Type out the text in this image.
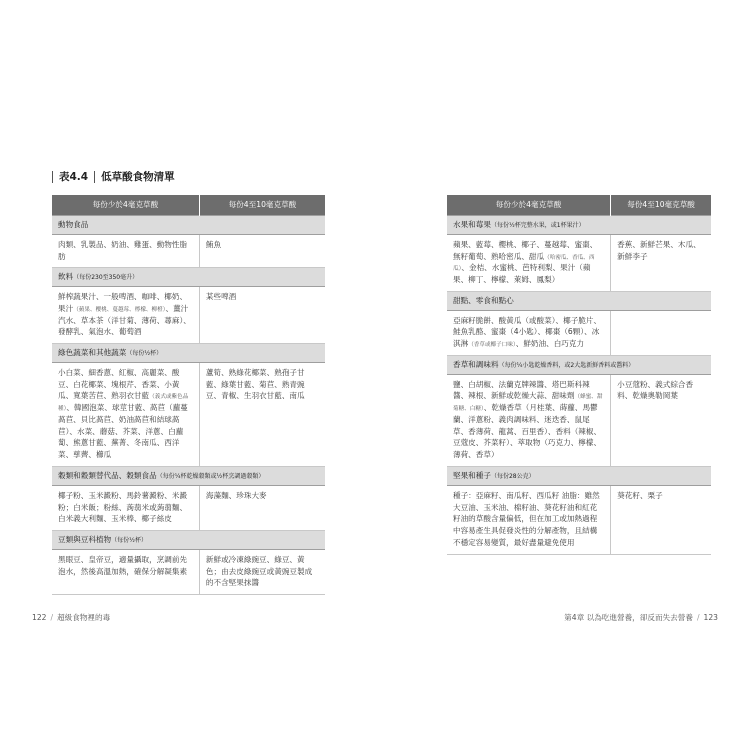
表4.4 低草酸食物清單
每份少於4毫克草酸	每份4至10毫克草酸
動物食品	
肉類、乳製品、奶油、雞蛋、動物性脂肪	鮪魚
飲料（每份230至350毫升）	
鮮榨蔬果汁、一般啤酒、咖啡、椰奶、果汁（蘋果、櫻桃、蔓越莓、檸檬、柳橙）、薑汁汽水、草本茶（洋甘菊、薄荷、蕁麻）、發酵乳、氣泡水、葡萄酒	某些啤酒
綠色蔬菜和其他蔬菜（每份½杯）	
小白菜、細香蔥、紅椒、高麗菜、酸豆、白花椰菜、塊根芹、香菜、小黃瓜、寬葉苦苣、熟羽衣甘藍（義式或紫色品種）、韓國泡菜、球莖甘藍、萵苣（蘿蔓萵苣、貝比萵苣、奶油萵苣和結球萵苣）、水菜、蘑菇、芥菜、洋蔥、白蘿蔔、熊蔥甘藍、蕪菁、冬南瓜、西洋菜、孳薺、櫛瓜	蘆筍、熟綠花椰菜、熟孢子甘藍、綠葉甘藍、菊苣、熟青豌豆、青椒、生羽衣甘藍、南瓜
穀類和穀類替代品、穀類食品（每份¼杯乾燥穀類或½杯烹調過穀類）	
椰子粉、玉米澱粉、馬鈴薯澱粉、米澱粉；白米飯；粉絲、蒟蒻米或蒟蒻麵、白米義大利麵、玉米棒、椰子絲皮	海藻麵、珍珠大麥
豆類與豆科植物（每份½杯）	
黑眼豆、皇帝豆，適量攝取，烹調前先泡水，然後高溫加熱，確保分解凝集素	新鮮或冷凍綠豌豆、綠豆、黃色；由去皮綠豌豆或黃豌豆製成的不含堅果抹醬
122 / 超級食物裡的毒
每份少於4毫克草酸	每份4至10毫克草酸
水果和莓果（每份½杯完整水果，或1杯果汁）	
蘋果、藍莓、櫻桃、椰子、蔓越莓、蜜棗、無籽葡萄、熟哈密瓜、甜瓜（哈密瓜、香瓜、西瓜）、金桔、水蜜桃、芭特利梨、果汁（蘋果、柳丁、檸檬、萊姆、鳳梨）	香蕉、新鮮芒果、木瓜、新鮮李子
甜點、零食和點心	
亞麻籽脆餅、酸黃瓜（或酸菜）、椰子脆片、鮭魚乳酪、蜜棗（4小匙）、椰棗（6顆）、冰淇淋（香草或椰子口味）、鮮奶油、白巧克力	
香草和調味料（每份¼小匙乾燥香料，或2大匙新鮮香料或醬料）	
鹽、白胡椒、法蘭克牌辣醬、塔巴斯科辣醬、辣根、新鮮或乾燥大蒜、甜味劑（蜂蜜、甜菊糖、白糖）、乾燥香草（月桂葉、蒔蘿、馬鬱蘭、洋蔥粉、義肉調味料、迷迭香、鼠尾草、香薄荷、龍蒿、百里香）、香料（辣椒、豆蔻皮、芥菜籽）、萃取物（巧克力、檸檬、薄荷、香草）	小豆蔻粉、義式綜合香料、乾燥奧勒岡葉
堅果和種子（每份28公克）	
種子：亞麻籽、南瓜籽、西瓜籽 油脂：雖然大豆油、玉米油、棉籽油、葵花籽油和紅花籽油的草酸含量偏低，但在加工或加熱過程中容易產生具促發炎性的分解產物，且結構不穩定容易變質，最好盡量避免使用	葵花籽、栗子
第4章 以為吃進營養，卻反而失去營養 / 123
